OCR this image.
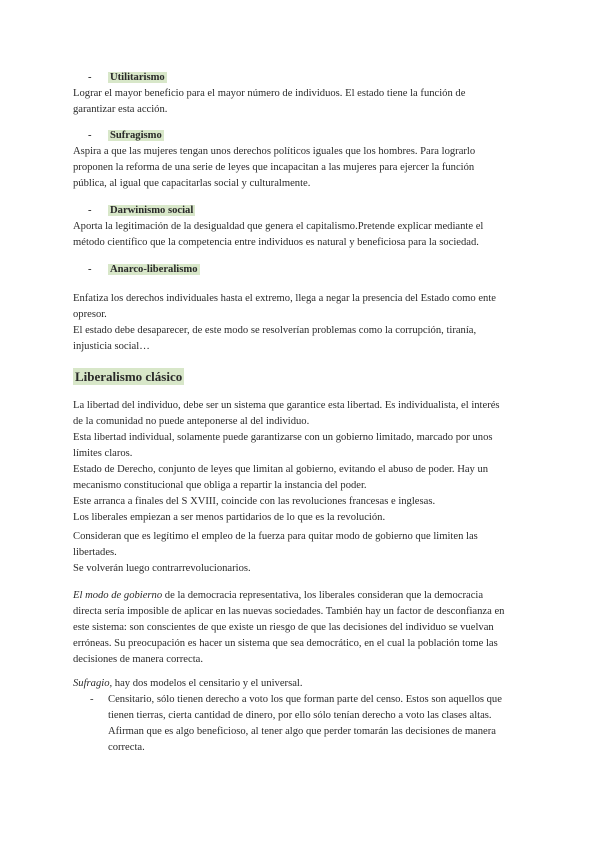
- Utilitarismo

Lograr el mayor beneficio para el mayor número de individuos. El estado tiene la función de

garantizar esta acción.

- Sufragismo

Aspira a que las mujeres tengan unos derechos políticos iguales que los hombres. Para lograrlo

proponen la reforma de una serie de leyes que incapacitan a las mujeres para ejercer la función

pública, al igual que capacitarlas social y culturalmente.

- Darwinismo social

Aporta la legitimación de la desigualdad que genera el capitalismo.Pretende explicar mediante el

método científico que la competencia entre individuos es natural y beneficiosa para la sociedad.

- Anarco-liberalismo

Enfatiza los derechos individuales hasta el extremo, llega a negar la presencia del Estado como ente

opresor.

El estado debe desaparecer, de este modo se resolverían problemas como la corrupción, tiranía,

injusticia social…

Liberalismo clásico

La libertad del individuo, debe ser un sistema que garantice esta libertad. Es individualista, el interés

de la comunidad no puede anteponerse al del individuo.

Esta libertad individual, solamente puede garantizarse con un gobierno limitado, marcado por unos

límites claros.

Estado de Derecho, conjunto de leyes que limitan al gobierno, evitando el abuso de poder. Hay un

mecanismo constitucional que obliga a repartir la instancia del poder.

Este arranca a finales del S XVIII, coincide con las revoluciones francesas e inglesas.

Los liberales empiezan a ser menos partidarios de lo que es la revolución.

Consideran que es legítimo el empleo de la fuerza para quitar modo de gobierno que limiten las

libertades.

Se volverán luego contrarrevolucionarios.

El modo de gobierno de la democracia representativa, los liberales consideran que la democracia

directa sería imposible de aplicar en las nuevas sociedades. También hay un factor de desconfianza en

este sistema: son conscientes de que existe un riesgo de que las decisiones del individuo se vuelvan

erróneas. Su preocupación es hacer un sistema que sea democrático, en el cual la población tome las

decisiones de manera correcta.

Sufragio, hay dos modelos el censitario y el universal.

- Censitario, sólo tienen derecho a voto los que forman parte del censo. Estos son aquellos que
tienen tierras, cierta cantidad de dinero, por ello sólo tenían derecho a voto las clases altas.
Afirman que es algo beneficioso, al tener algo que perder tomarán las decisiones de manera
correcta.
